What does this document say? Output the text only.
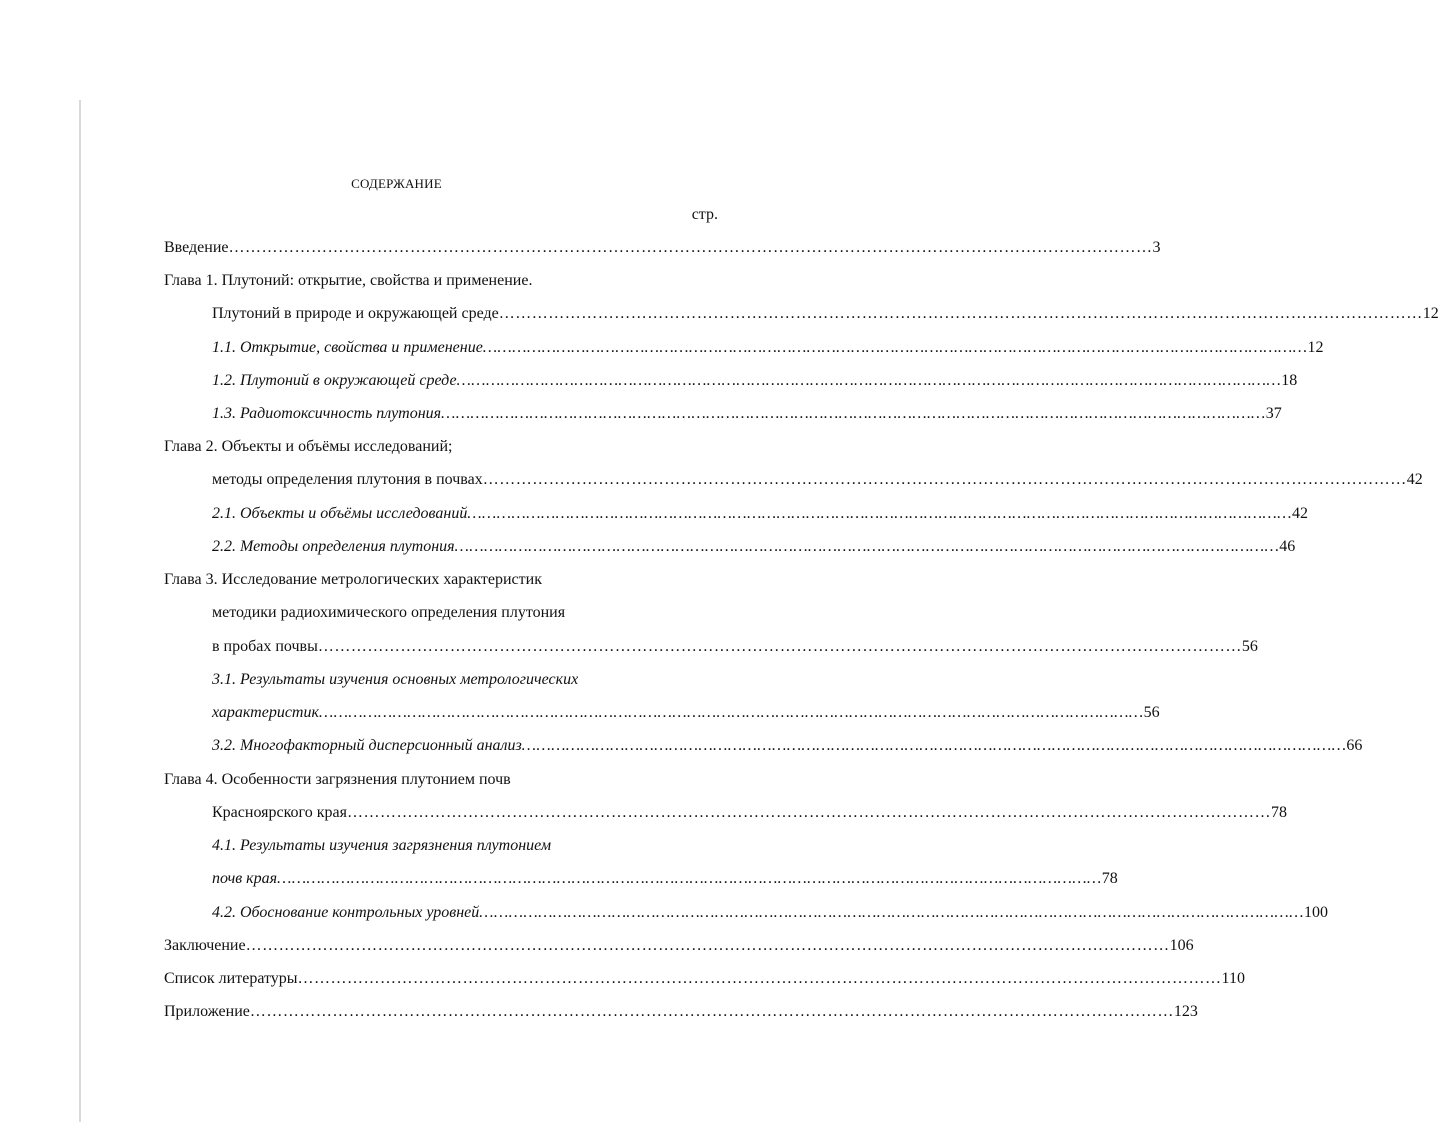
СОДЕРЖАНИЕ
стр.
Введение …………………………………………………………………………………………………………………………………………………… 3
Глава 1. Плутоний: открытие, свойства и применение.
Плутоний в природе и окружающей среде …………………………………………………………………………………………………………………………………………………… 12
1.1. Открытие, свойства и применение …………………………………………………………………………………………………………………………………………………… 12
1.2. Плутоний в окружающей среде …………………………………………………………………………………………………………………………………………………… 18
1.3. Радиотоксичность плутония …………………………………………………………………………………………………………………………………………………… 37
Глава 2. Объекты и объёмы исследований;
методы определения плутония в почвах …………………………………………………………………………………………………………………………………………………… 42
2.1. Объекты и объёмы исследований …………………………………………………………………………………………………………………………………………………… 42
2.2. Методы определения плутония …………………………………………………………………………………………………………………………………………………… 46
Глава 3. Исследование метрологических характеристик
методики радиохимического определения плутония
в пробах почвы …………………………………………………………………………………………………………………………………………………… 56
3.1. Результаты изучения основных метрологических
характеристик …………………………………………………………………………………………………………………………………………………… 56
3.2. Многофакторный дисперсионный анализ …………………………………………………………………………………………………………………………………………………… 66
Глава 4. Особенности загрязнения плутонием почв
Красноярского края …………………………………………………………………………………………………………………………………………………… 78
4.1. Результаты изучения загрязнения плутонием
почв края …………………………………………………………………………………………………………………………………………………… 78
4.2. Обоснование контрольных уровней …………………………………………………………………………………………………………………………………………………… 100
Заключение …………………………………………………………………………………………………………………………………………………… 106
Список литературы …………………………………………………………………………………………………………………………………………………… 110
Приложение …………………………………………………………………………………………………………………………………………………… 123
